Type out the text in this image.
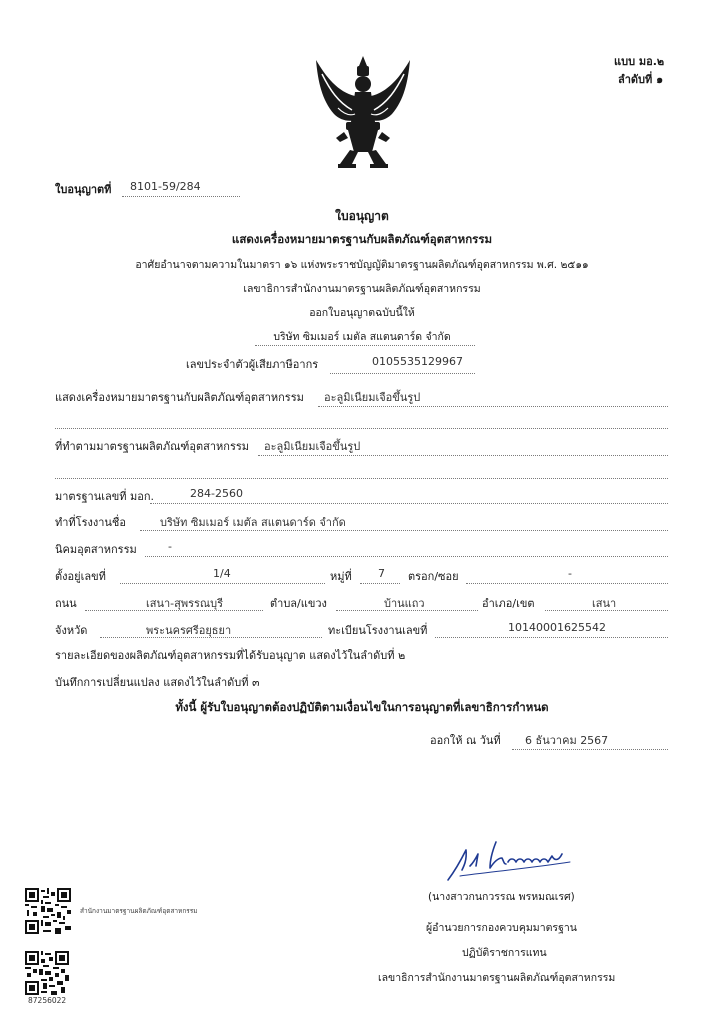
แบบ มอ.๒
ลำดับที่ ๑
ใบอนุญาตที่ 8101-59/284
ใบอนุญาต
แสดงเครื่องหมายมาตรฐานกับผลิตภัณฑ์อุตสาหกรรม
อาศัยอำนาจตามความในมาตรา ๑๖ แห่งพระราชบัญญัติมาตรฐานผลิตภัณฑ์อุตสาหกรรม พ.ศ. ๒๕๑๑
เลขาธิการสำนักงานมาตรฐานผลิตภัณฑ์อุตสาหกรรม
ออกใบอนุญาตฉบับนี้ให้
บริษัท ซิมเมอร์ เมตัล สแตนดาร์ด จำกัด
เลขประจำตัวผู้เสียภาษีอากร	0105535129967
แสดงเครื่องหมายมาตรฐานกับผลิตภัณฑ์อุตสาหกรรม อะลูมิเนียมเจือขึ้นรูป
ที่ทำตามมาตรฐานผลิตภัณฑ์อุตสาหกรรม อะลูมิเนียมเจือขึ้นรูป
มาตรฐานเลขที่ มอก.	284-2560
ทำที่โรงงานชื่อ	บริษัท ซิมเมอร์ เมตัล สแตนดาร์ด จำกัด
นิคมอุตสาหกรรม	-
ตั้งอยู่เลขที่	1/4	หมู่ที่ 7 ตรอก/ซอย	-
ถนน	เสนา-สุพรรณบุรี	ตำบล/แขวง	บ้านแถว	อำเภอ/เขต	เสนา
จังหวัด	พระนครศรีอยุธยา	ทะเบียนโรงงานเลขที่	10140001625542
รายละเอียดของผลิตภัณฑ์อุตสาหกรรมที่ได้รับอนุญาต แสดงไว้ในลำดับที่ ๒
บันทึกการเปลี่ยนแปลง แสดงไว้ในลำดับที่ ๓
ทั้งนี้ ผู้รับใบอนุญาตต้องปฏิบัติตามเงื่อนไขในการอนุญาตที่เลขาธิการกำหนด
ออกให้ ณ วันที่ 6 ธันวาคม 2567
(นางสาวกนกวรรณ พรหมณเรศ)
ผู้อำนวยการกองควบคุมมาตรฐาน
ปฏิบัติราชการแทน
เลขาธิการสำนักงานมาตรฐานผลิตภัณฑ์อุตสาหกรรม
สำนักงานมาตรฐานผลิตภัณฑ์อุตสาหกรรม
87256022
